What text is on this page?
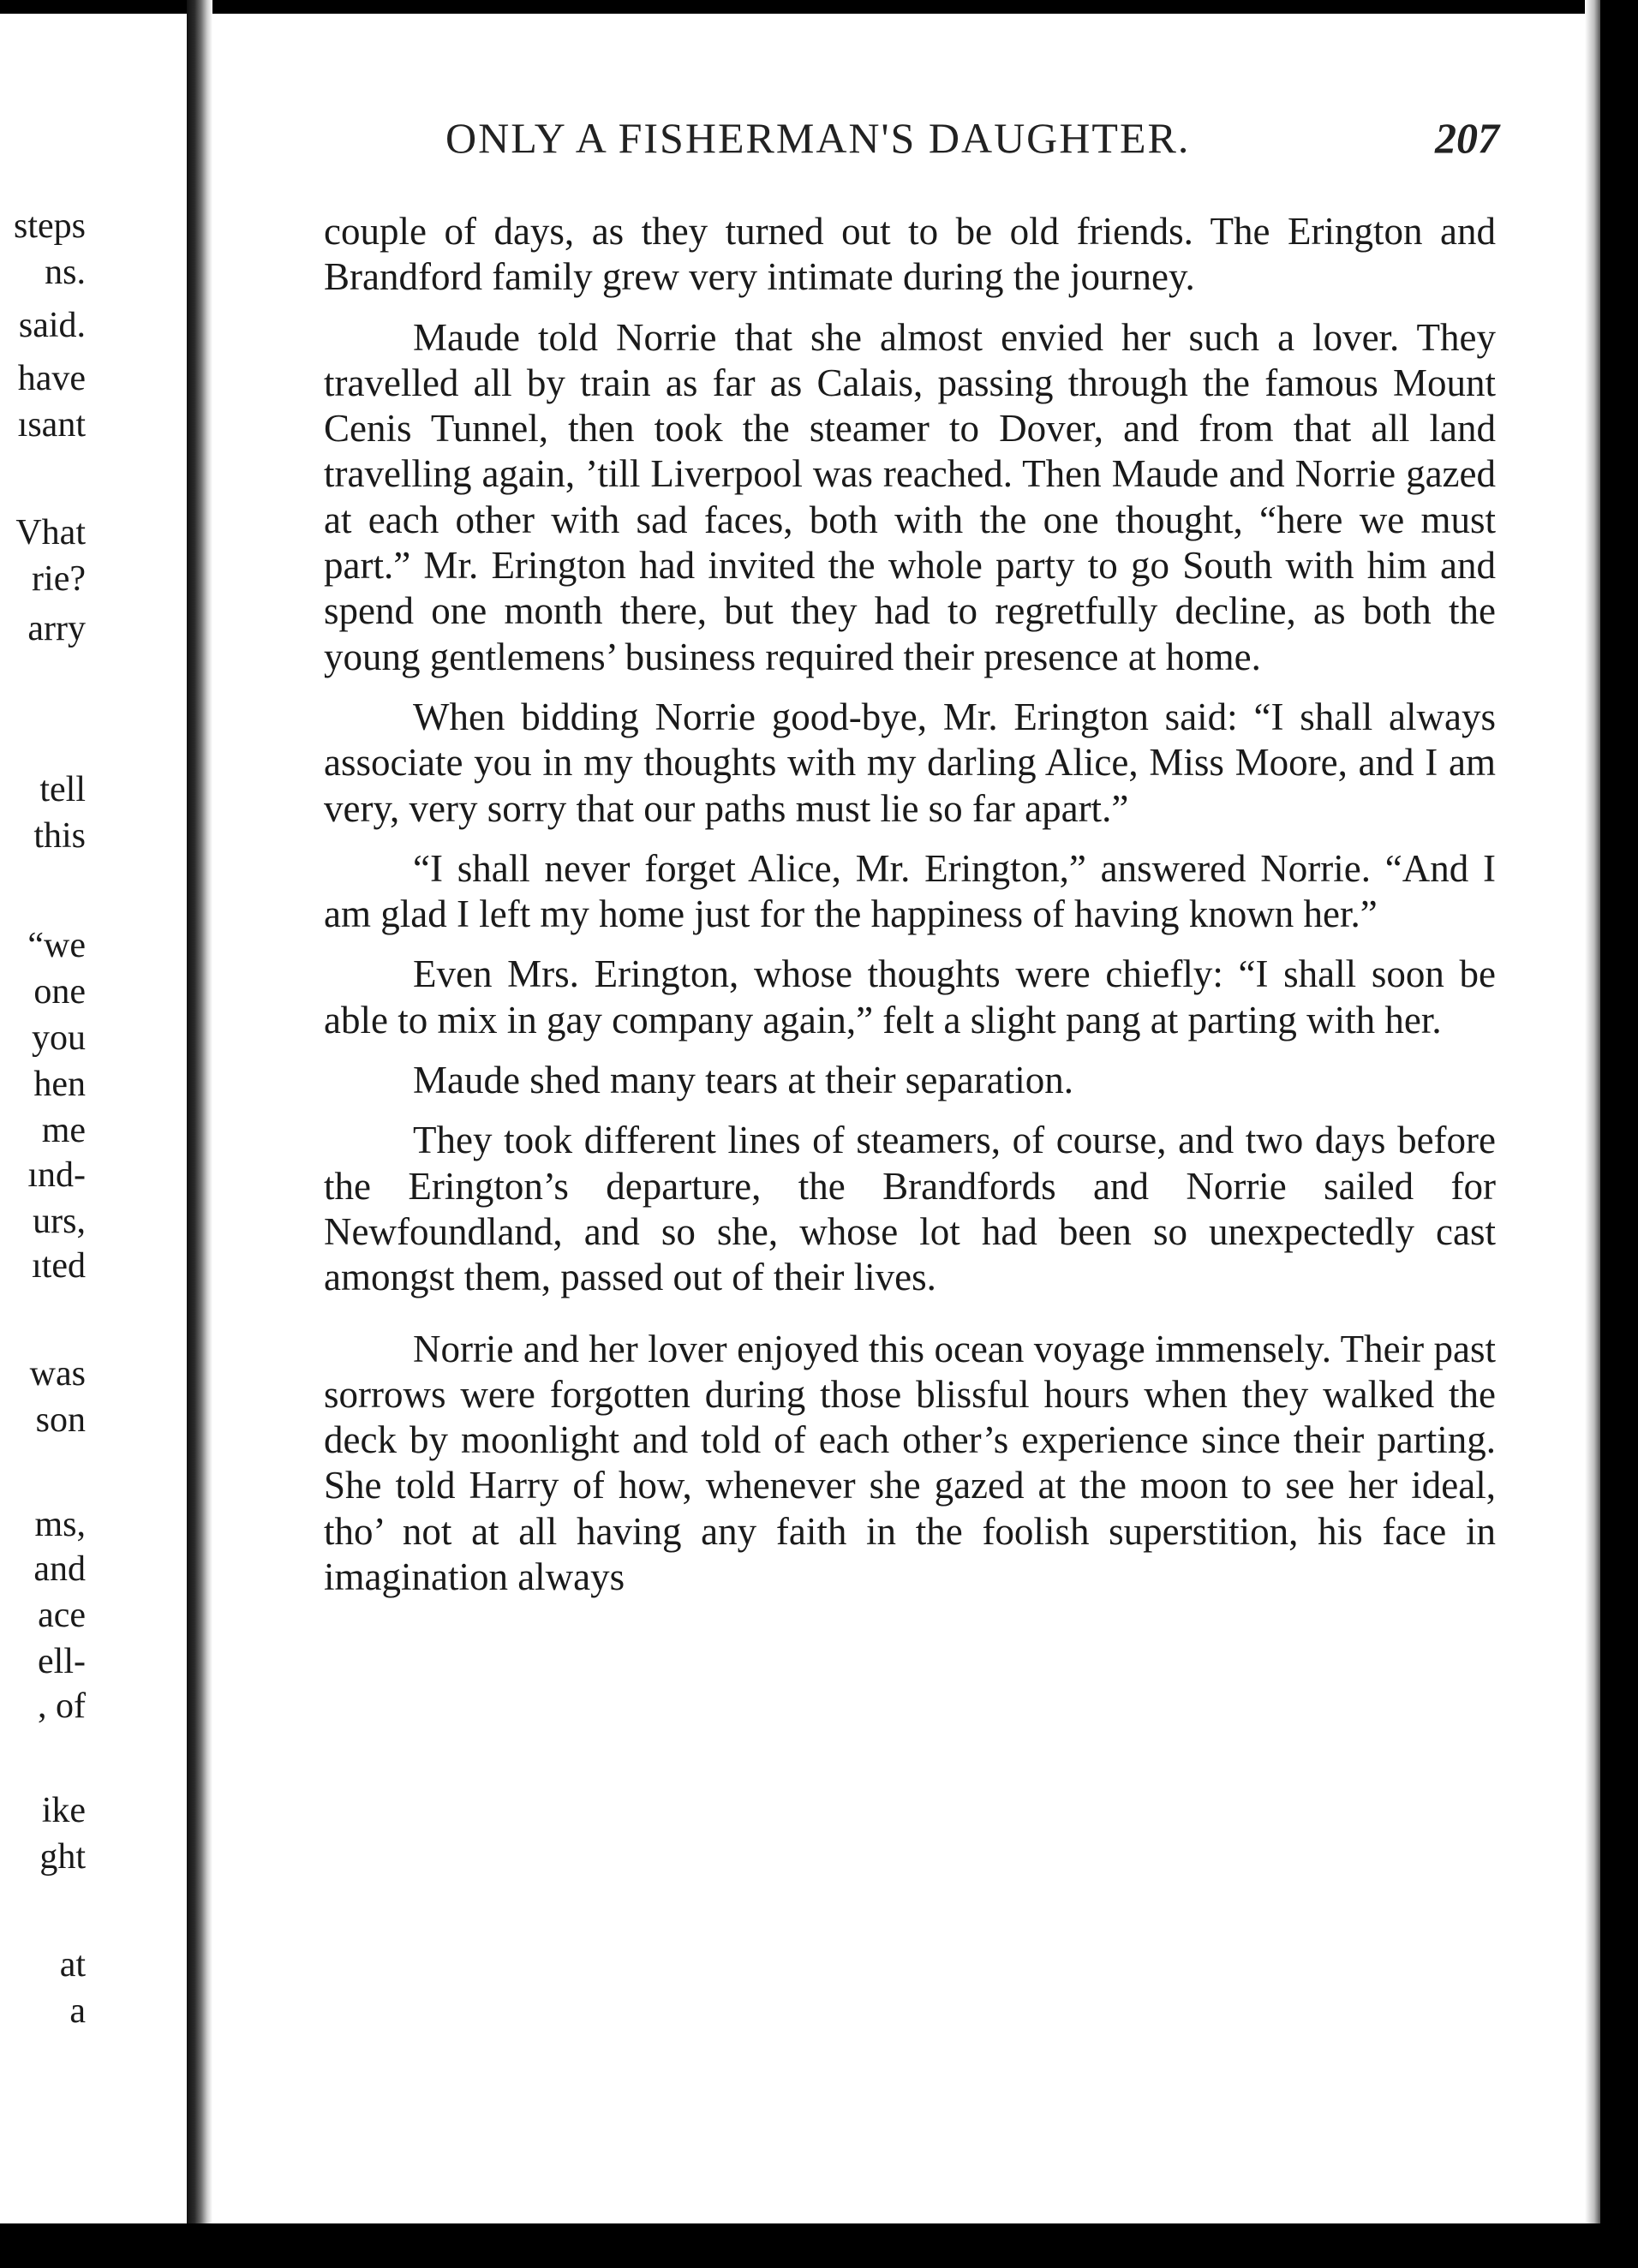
steps
ns.
said.
have
ısant
Vhat
rie?
arry
tell
this
“we
one
you
hen
me
ınd-
urs,
ıted
was
son
ms,
and
ace
ell-
, of
ike
ght
at
a
ONLY A FISHERMAN'S DAUGHTER.	207

couple of days, as they turned out to be old friends. The Erington and Brandford family grew very intimate during the journey.

Maude told Norrie that she almost envied her such a lover. They travelled all by train as far as Calais, passing through the famous Mount Cenis Tunnel, then took the steamer to Dover, and from that all land travelling again, ’till Liverpool was reached. Then Maude and Norrie gazed at each other with sad faces, both with the one thought, “here we must part.” Mr. Erington had invited the whole party to go South with him and spend one month there, but they had to regretfully decline, as both the young gentlemens’ business required their presence at home.

When bidding Norrie good-bye, Mr. Erington said: “I shall always associate you in my thoughts with my darling Alice, Miss Moore, and I am very, very sorry that our paths must lie so far apart.”

“I shall never forget Alice, Mr. Erington,” answered Norrie. “And I am glad I left my home just for the happiness of having known her.”

Even Mrs. Erington, whose thoughts were chiefly: “I shall soon be able to mix in gay company again,” felt a slight pang at parting with her.

Maude shed many tears at their separation.

They took different lines of steamers, of course, and two days before the Erington’s departure, the Brandfords and Norrie sailed for Newfoundland, and so she, whose lot had been so unexpectedly cast amongst them, passed out of their lives.

Norrie and her lover enjoyed this ocean voyage immensely. Their past sorrows were forgotten during those blissful hours when they walked the deck by moonlight and told of each other’s experience since their parting. She told Harry of how, whenever she gazed at the moon to see her ideal, tho’ not at all having any faith in the foolish superstition, his face in imagination always
